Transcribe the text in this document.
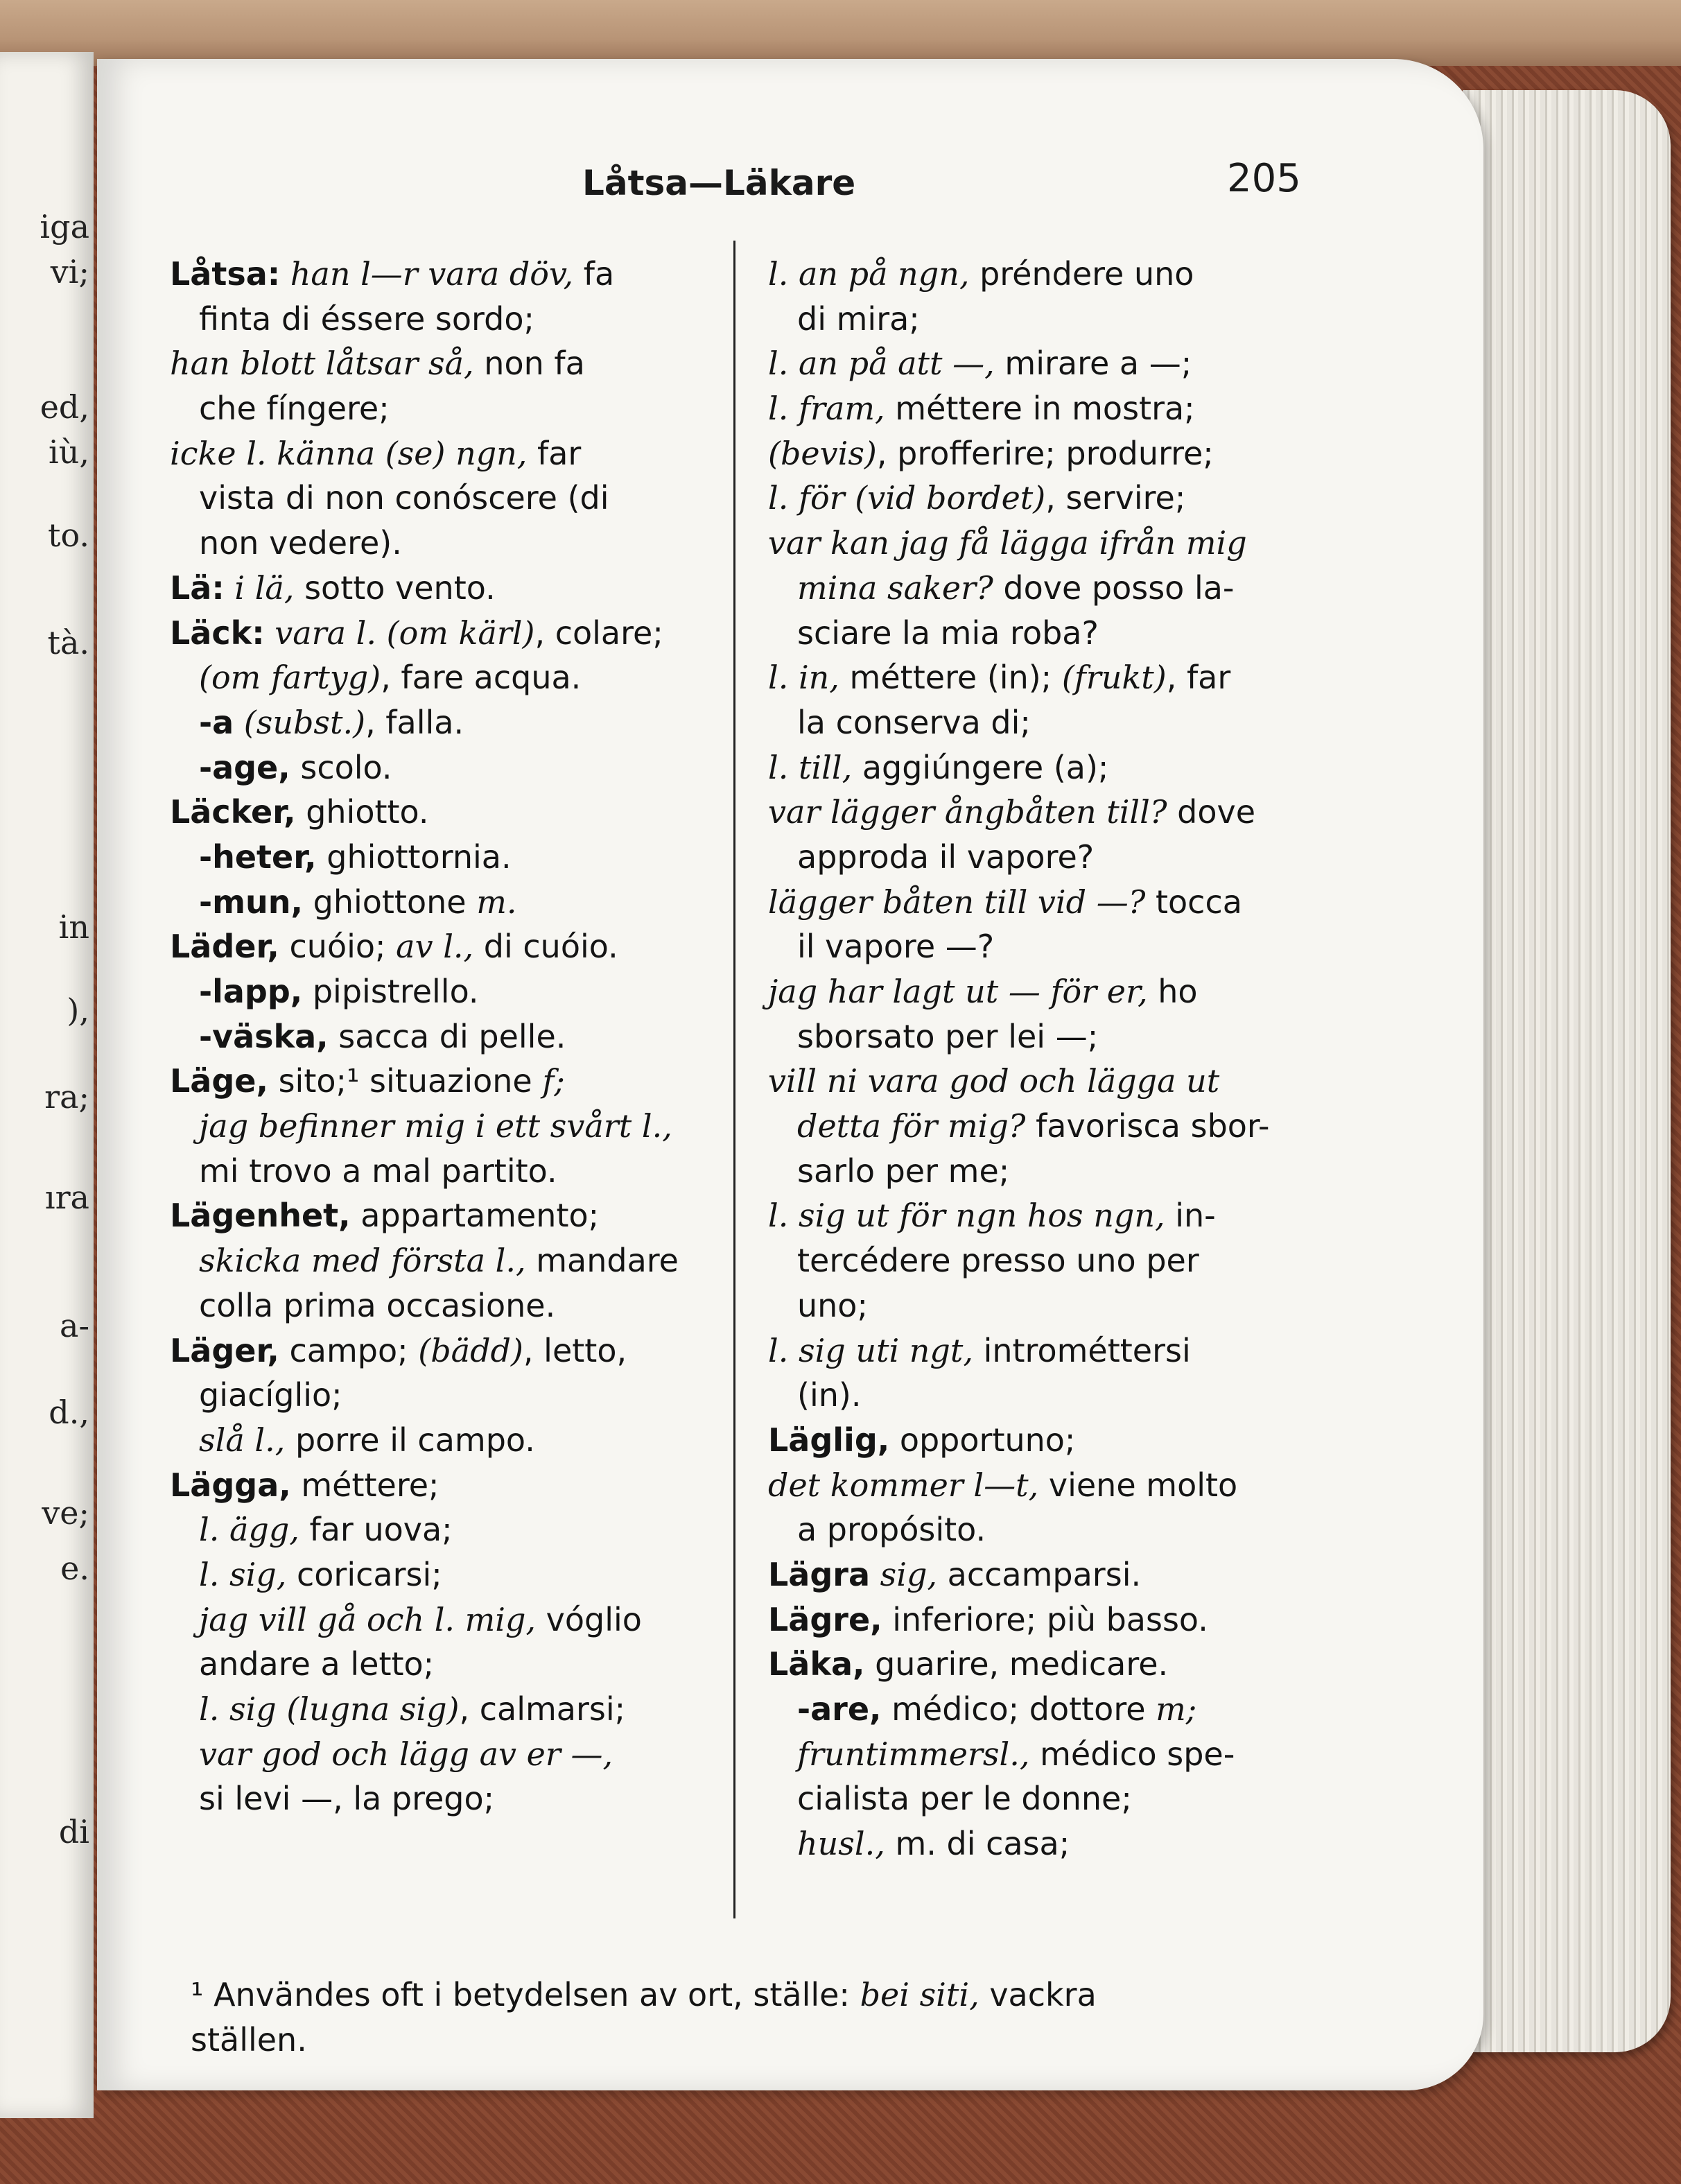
iga
vi;
ed,
iù,
to.
tà.
in
),
ra;
ıra
a-
d.,
ve;
e.
di
Låtsa—Läkare	205
Låtsa: han l—r vara döv, fa
finta di éssere sordo;
han blott låtsar så, non fa
che fíngere;
icke l. känna (se) ngn, far
vista di non conóscere (di
non vedere).
Lä: i lä, sotto vento.
Läck: vara l. (om kärl), colare;
(om fartyg), fare acqua.
-a (subst.), falla.
-age, scolo.
Läcker, ghiotto.
-heter, ghiottornia.
-mun, ghiottone m.
Läder, cuóio; av l., di cuóio.
-lapp, pipistrello.
-väska, sacca di pelle.
Läge, sito;¹ situazione f;
jag befinner mig i ett svårt l.,
mi trovo a mal partito.
Lägenhet, appartamento;
skicka med första l., mandare
colla prima occasione.
Läger, campo; (bädd), letto,
giacíglio;
slå l., porre il campo.
Lägga, méttere;
l. ägg, far uova;
l. sig, coricarsi;
jag vill gå och l. mig, vóglio
andare a letto;
l. sig (lugna sig), calmarsi;
var god och lägg av er —,
si levi —, la prego;
l. an på ngn, préndere uno
di mira;
l. an på att —, mirare a —;
l. fram, méttere in mostra;
(bevis), profferire; produrre;
l. för (vid bordet), servire;
var kan jag få lägga ifrån mig
mina saker? dove posso la-
sciare la mia roba?
l. in, méttere (in); (frukt), far
la conserva di;
l. till, aggiúngere (a);
var lägger ångbåten till? dove
approda il vapore?
lägger båten till vid —? tocca
il vapore —?
jag har lagt ut — för er, ho
sborsato per lei —;
vill ni vara god och lägga ut
detta för mig? favorisca sbor-
sarlo per me;
l. sig ut för ngn hos ngn, in-
tercédere presso uno per
uno;
l. sig uti ngt, introméttersi
(in).
Läglig, opportuno;
det kommer l—t, viene molto
a propósito.
Lägra sig, accamparsi.
Lägre, inferiore; più basso.
Läka, guarire, medicare.
-are, médico; dottore m;
fruntimmersl., médico spe-
cialista per le donne;
husl., m. di casa;
¹ Användes oft i betydelsen av ort, ställe: bei siti, vackra
ställen.
